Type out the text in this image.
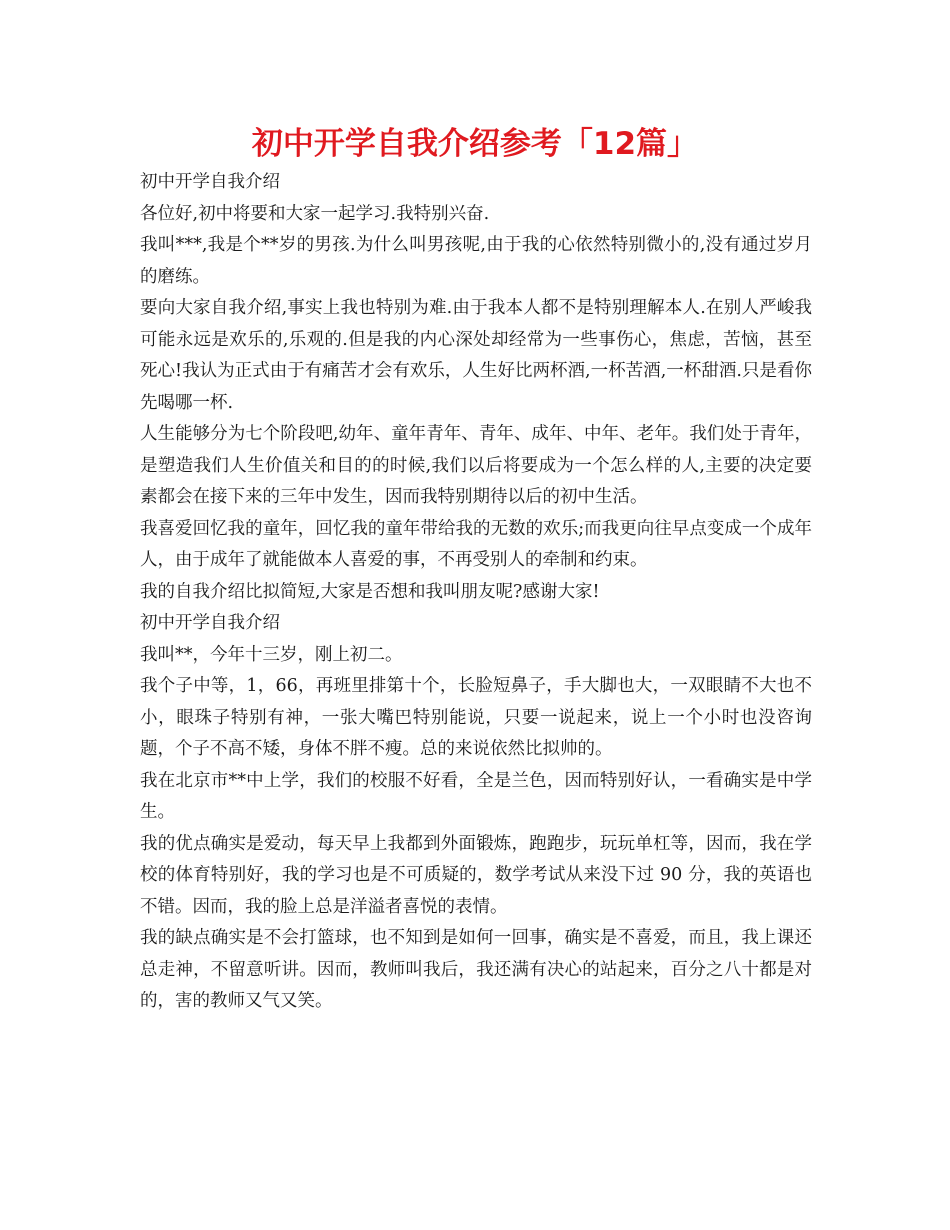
初中开学自我介绍参考「12篇」

初中开学自我介绍

各位好,初中将要和大家一起学习.我特别兴奋.

我叫***,我是个**岁的男孩.为什么叫男孩呢,由于我的心依然特别微小的,没有通过岁月的磨练。

要向大家自我介绍,事实上我也特别为难.由于我本人都不是特别理解本人.在别人严峻我可能永远是欢乐的,乐观的.但是我的内心深处却经常为一些事伤心，焦虑，苦恼，甚至死心!我认为正式由于有痛苦才会有欢乐，人生好比两杯酒,一杯苦酒,一杯甜酒.只是看你先喝哪一杯.

人生能够分为七个阶段吧,幼年、童年青年、青年、成年、中年、老年。我们处于青年，是塑造我们人生价值关和目的的时候,我们以后将要成为一个怎么样的人,主要的决定要素都会在接下来的三年中发生，因而我特别期待以后的初中生活。

我喜爱回忆我的童年，回忆我的童年带给我的无数的欢乐;而我更向往早点变成一个成年人，由于成年了就能做本人喜爱的事，不再受别人的牵制和约束。

我的自我介绍比拟简短,大家是否想和我叫朋友呢?感谢大家!

初中开学自我介绍

我叫**，今年十三岁，刚上初二。

我个子中等，1，66，再班里排第十个，长脸短鼻子，手大脚也大，一双眼睛不大也不小，眼珠子特别有神，一张大嘴巴特别能说，只要一说起来，说上一个小时也没咨询题，个子不高不矮，身体不胖不瘦。总的来说依然比拟帅的。

我在北京市**中上学，我们的校服不好看，全是兰色，因而特别好认，一看确实是中学生。

我的优点确实是爱动，每天早上我都到外面锻炼，跑跑步，玩玩单杠等，因而，我在学校的体育特别好，我的学习也是不可质疑的，数学考试从来没下过 90 分，我的英语也不错。因而，我的脸上总是洋溢者喜悦的表情。

我的缺点确实是不会打篮球，也不知到是如何一回事，确实是不喜爱，而且，我上课还总走神，不留意听讲。因而，教师叫我后，我还满有决心的站起来，百分之八十都是对的，害的教师又气又笑。
